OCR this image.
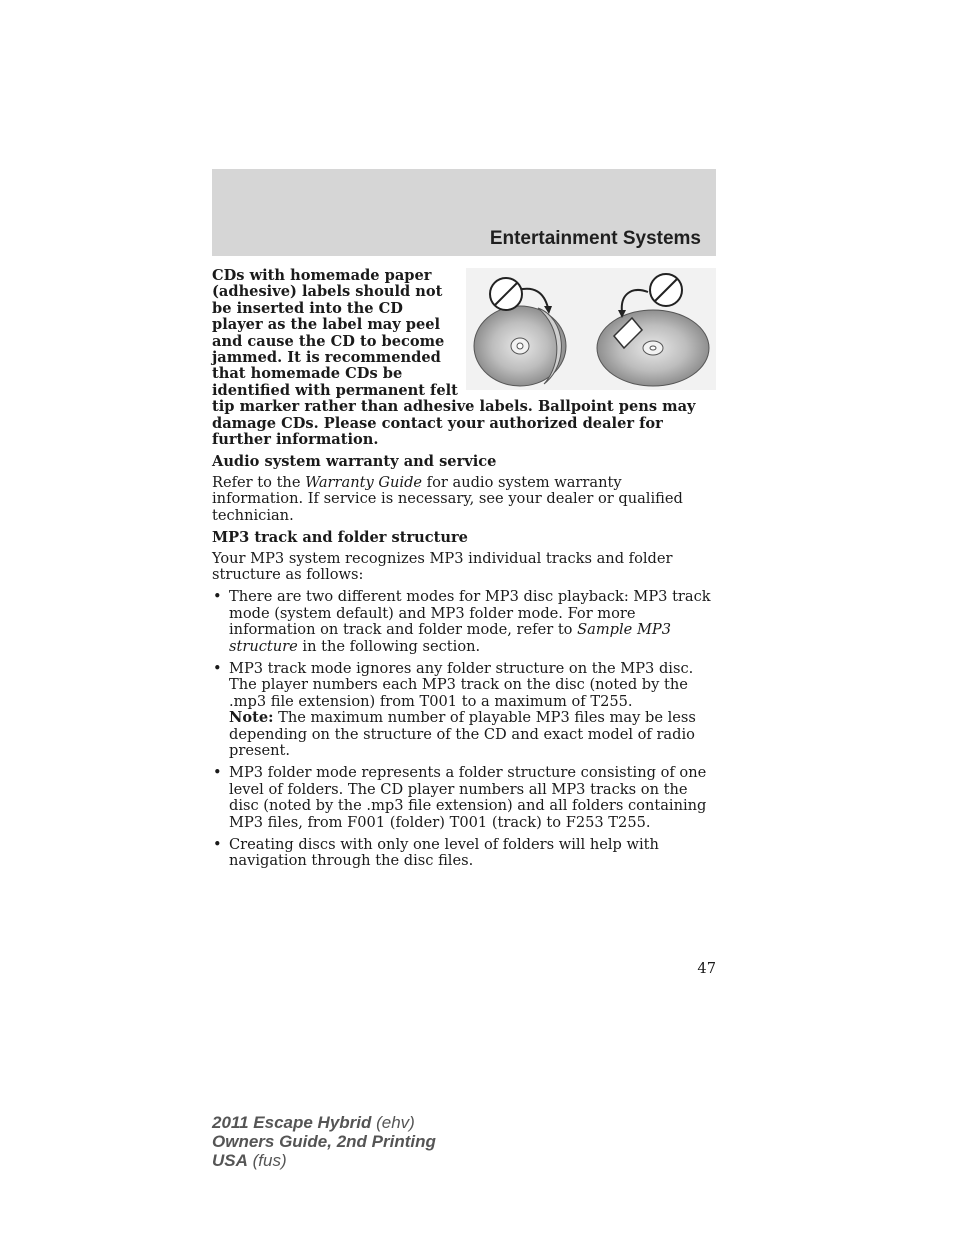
Entertainment Systems

CDs with homemade paper (adhesive) labels should not be inserted into the CD player as the label may peel and cause the CD to become jammed. It is recommended that homemade CDs be identified with permanent felt tip marker rather than adhesive labels. Ballpoint pens may damage CDs. Please contact your authorized dealer for further information.

Audio system warranty and service

Refer to the Warranty Guide for audio system warranty information. If service is necessary, see your dealer or qualified technician.

MP3 track and folder structure

Your MP3 system recognizes MP3 individual tracks and folder structure as follows:

• There are two different modes for MP3 disc playback: MP3 track mode (system default) and MP3 folder mode. For more information on track and folder mode, refer to Sample MP3 structure in the following section.
• MP3 track mode ignores any folder structure on the MP3 disc. The player numbers each MP3 track on the disc (noted by the .mp3 file extension) from T001 to a maximum of T255.
Note: The maximum number of playable MP3 files may be less depending on the structure of the CD and exact model of radio present.
• MP3 folder mode represents a folder structure consisting of one level of folders. The CD player numbers all MP3 tracks on the disc (noted by the .mp3 file extension) and all folders containing MP3 files, from F001 (folder) T001 (track) to F253 T255.
• Creating discs with only one level of folders will help with navigation through the disc files.
47
2011 Escape Hybrid (ehv)
Owners Guide, 2nd Printing
USA (fus)
